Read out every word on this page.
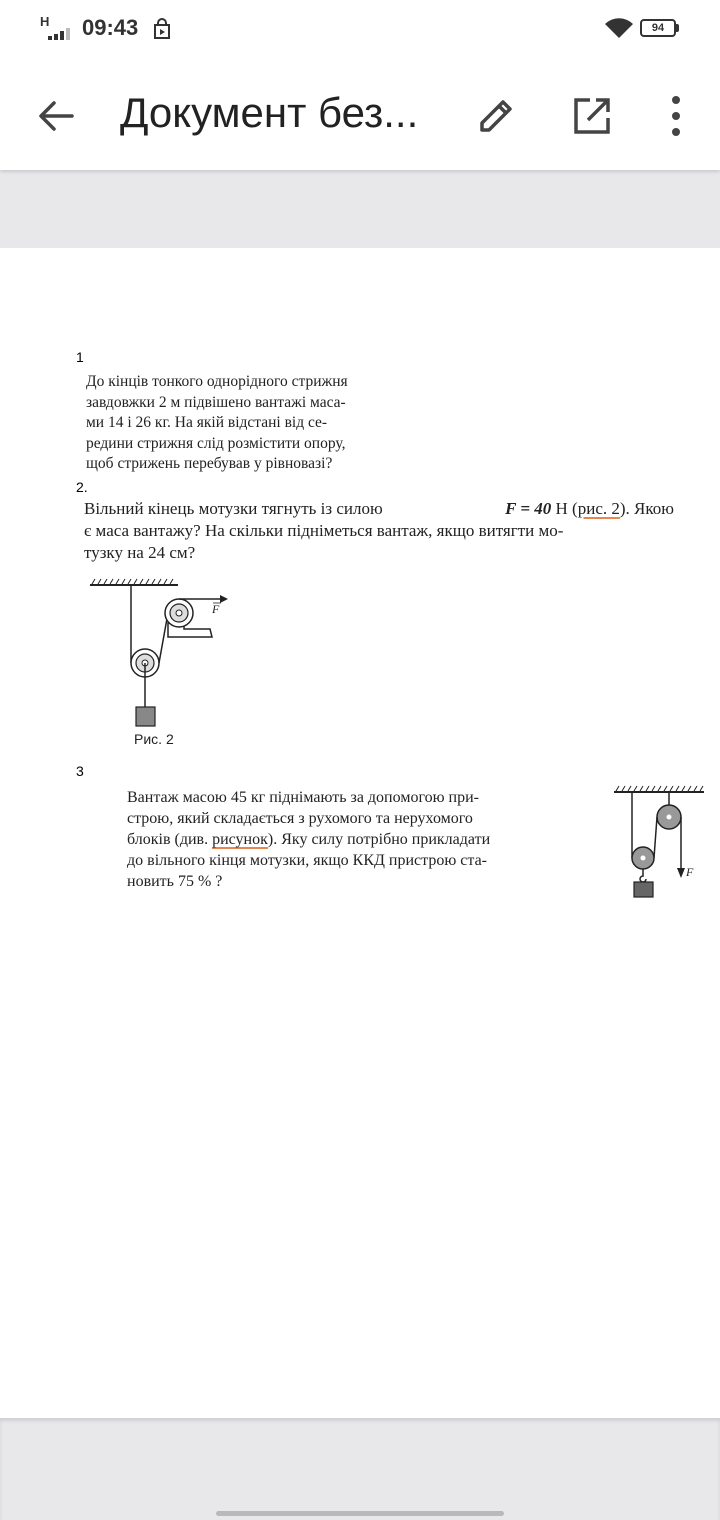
H 09:43	94
Документ без...
1
До кінців тонкого однорідного стрижня
завдовжки 2 м підвішено вантажі маса-
ми 14 і 26 кг. На якій відстані від се-
редини стрижня слід розмістити опору,
щоб стрижень перебував у рівновазі?
2.
Вільний кінець мотузки тягнуть із силою	F = 40 Н (рис. 2). Якою
є маса вантажу? На скільки підніметься вантаж, якщо витягти мо-
тузку на 24 см?
F
Рис. 2
3
Вантаж масою 45 кг піднімають за допомогою при-
строю, який складається з рухомого та нерухомого
блоків (див. рисунок). Яку силу потрібно прикладати
до вільного кінця мотузки, якщо ККД пристрою ста-
новить 75 % ?
F
